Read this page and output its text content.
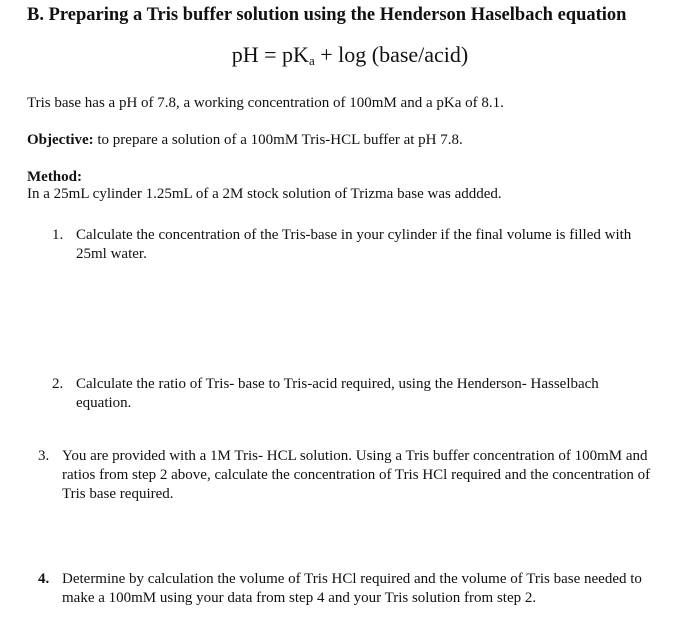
B. Preparing a Tris buffer solution using the Henderson Haselbach equation
pH = $pK_a + \log$ (base/acid)
Tris base has a pH of 7.8, a working concentration of 100mM and a pKa of 8.1.
Objective: to prepare a solution of a 100mM Tris-HCL buffer at pH 7.8.
Method:
In a 25mL cylinder 1.25mL of a 2M stock solution of Trizma base was addded.
1. Calculate the concentration of the Tris-base in your cylinder if the final volume is filled with 25ml water.
2. Calculate the ratio of Tris- base to Tris-acid required, using the Henderson- Hasselbach equation.
3. You are provided with a 1M Tris- HCL solution. Using a Tris buffer concentration of 100mM and ratios from step 2 above, calculate the concentration of Tris HCl required and the concentration of Tris base required.
4. Determine by calculation the volume of Tris HCl required and the volume of Tris base needed to make a 100mM using your data from step 4 and your Tris solution from step 2.
